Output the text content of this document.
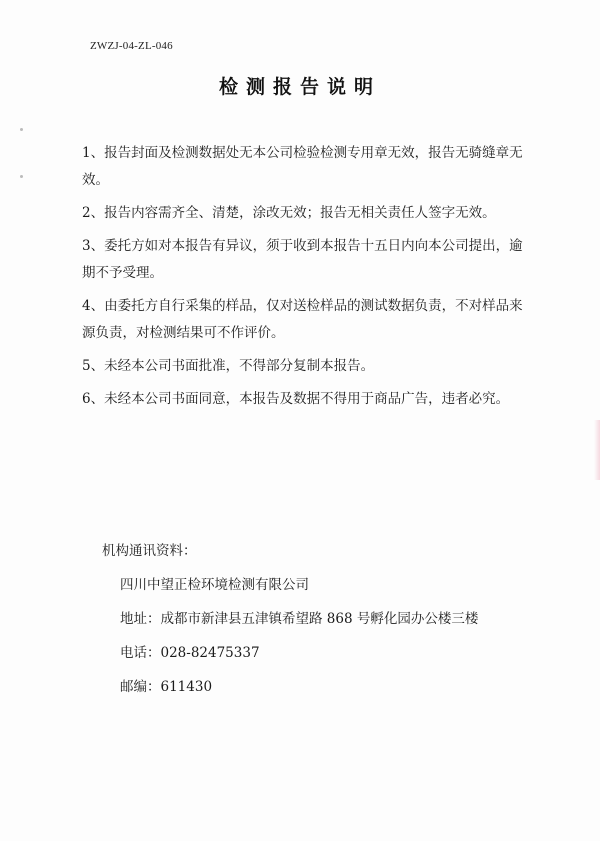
ZWZJ-04-ZL-046
检测报告说明
1、报告封面及检测数据处无本公司检验检测专用章无效，报告无骑缝章无效。
2、报告内容需齐全、清楚，涂改无效；报告无相关责任人签字无效。
3、委托方如对本报告有异议，须于收到本报告十五日内向本公司提出，逾期不予受理。
4、由委托方自行采集的样品，仅对送检样品的测试数据负责，不对样品来源负责，对检测结果可不作评价。
5、未经本公司书面批准，不得部分复制本报告。
6、未经本公司书面同意，本报告及数据不得用于商品广告，违者必究。
机构通讯资料：
四川中望正检环境检测有限公司
地址：成都市新津县五津镇希望路 868 号孵化园办公楼三楼
电话：028-82475337
邮编：611430
